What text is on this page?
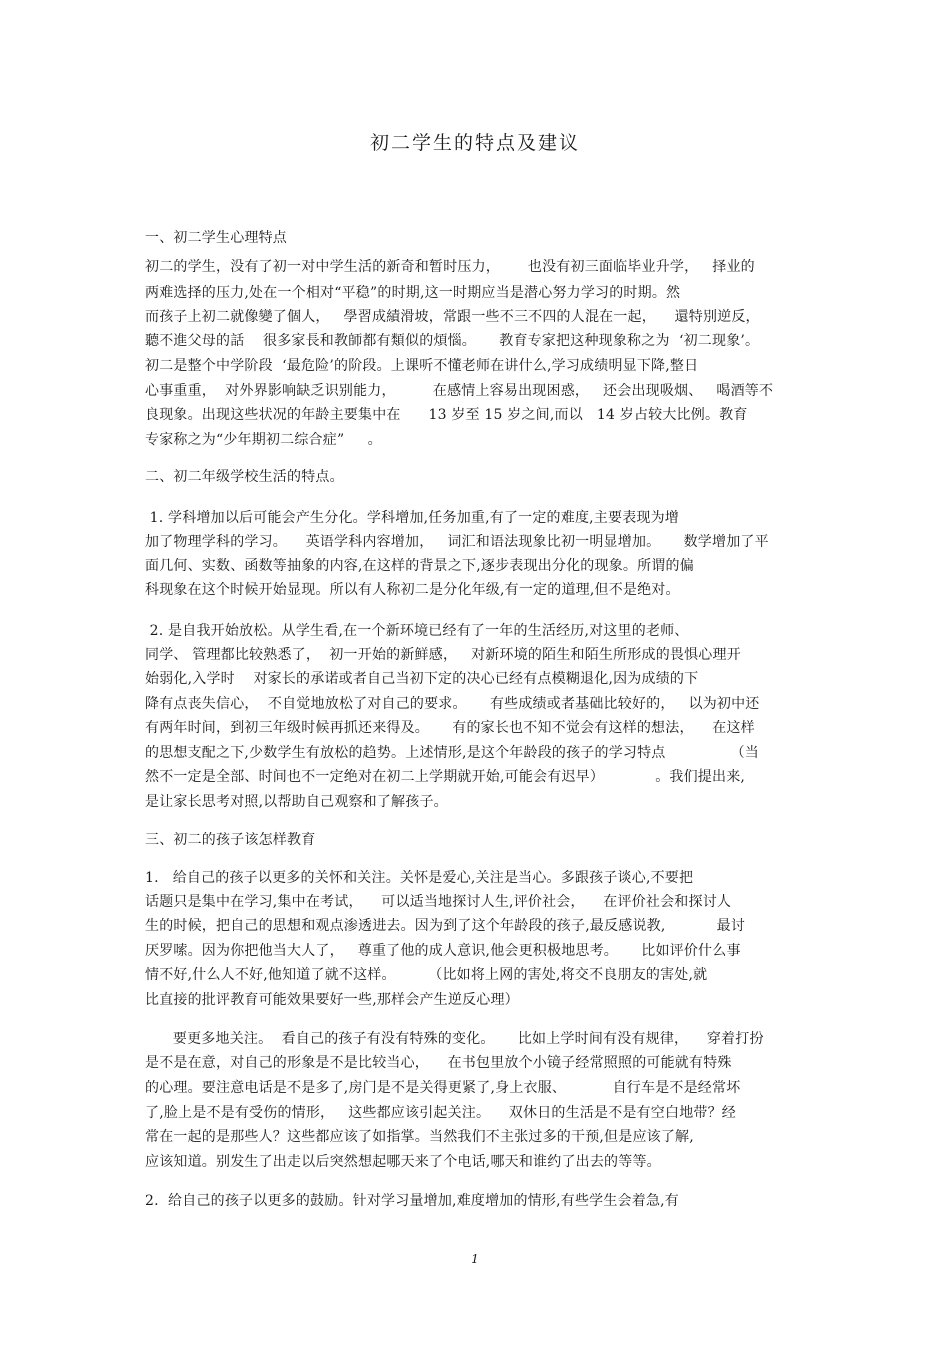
初二学生的特点及建议
一、初二学生心理特点
初二的学生，没有了初一对中学生活的新奇和暂时压力，      也没有初三面临毕业升学，   择业的
两难选择的压力,处在一个相对“平稳”的时期,这一时期应当是潜心努力学习的时期。然
而孩子上初二就像變了個人，   學習成績滑坡，常跟一些不三不四的人混在一起，    還特別逆反，
聽不進父母的話    很多家長和教師都有類似的煩惱。     教育专家把这种现象称之为  ‘初二现象’。
初二是整个中学阶段  ‘最危险’的阶段。上课听不懂老师在讲什么,学习成绩明显下降,整日
心事重重，  对外界影响缺乏识别能力，        在感情上容易出现困惑，   还会出现吸烟、   喝酒等不
良现象。出现这些状况的年龄主要集中在      13 岁至 15 岁之间,而以   14 岁占较大比例。教育
专家称之为“少年期初二综合症”     。
二、初二年级学校生活的特点。
1. 学科增加以后可能会产生分化。学科增加,任务加重,有了一定的难度,主要表现为增
加了物理学科的学习。    英语学科内容增加，   词汇和语法现象比初一明显增加。     数学增加了平
面几何、实数、函数等抽象的内容,在这样的背景之下,逐步表现出分化的现象。所谓的偏
科现象在这个时候开始显现。所以有人称初二是分化年级,有一定的道理,但不是绝对。
2. 是自我开始放松。从学生看,在一个新环境已经有了一年的生活经历,对这里的老师、
同学、 管理都比较熟悉了，  初一开始的新鲜感，   对新环境的陌生和陌生所形成的畏惧心理开
始弱化,入学时    对家长的承诺或者自己当初下定的决心已经有点模糊退化,因为成绩的下
降有点丧失信心，  不自觉地放松了对自己的要求。     有些成绩或者基础比较好的，   以为初中还
有两年时间，到初三年级时候再抓还来得及。     有的家长也不知不觉会有这样的想法，    在这样
的思想支配之下,少数学生有放松的趋势。上述情形,是这个年龄段的孩子的学习特点              （当
然不一定是全部、时间也不一定绝对在初二上学期就开始,可能会有迟早）           。我们提出来,
是让家长思考对照,以帮助自己观察和了解孩子。
三、初二的孩子该怎样教育
1.   给自己的孩子以更多的关怀和关注。关怀是爱心,关注是当心。多跟孩子谈心,不要把
话题只是集中在学习,集中在考试，    可以适当地探讨人生,评价社会，    在评价社会和探讨人
生的时候，把自己的思想和观点渗透进去。因为到了这个年龄段的孩子,最反感说教,           最讨
厌罗嗦。因为你把他当大人了，   尊重了他的成人意识,他会更积极地思考。     比如评价什么事
情不好,什么人不好,他知道了就不这样。       （比如将上网的害处,将交不良朋友的害处,就
比直接的批评教育可能效果要好一些,那样会产生逆反心理）
要更多地关注。  看自己的孩子有没有特殊的变化。     比如上学时间有没有规律，    穿着打扮
是不是在意，对自己的形象是不是比较当心，    在书包里放个小镜子经常照照的可能就有特殊
的心理。要注意电话是不是多了,房门是不是关得更紧了,身上衣服、          自行车是不是经常坏
了,脸上是不是有受伤的情形，   这些都应该引起关注。    双休日的生活是不是有空白地带？经
常在一起的是那些人？这些都应该了如指掌。当然我们不主张过多的干预,但是应该了解,
应该知道。别发生了出走以后突然想起哪天来了个电话,哪天和谁约了出去的等等。
2.  给自己的孩子以更多的鼓励。针对学习量增加,难度增加的情形,有些学生会着急,有
1
